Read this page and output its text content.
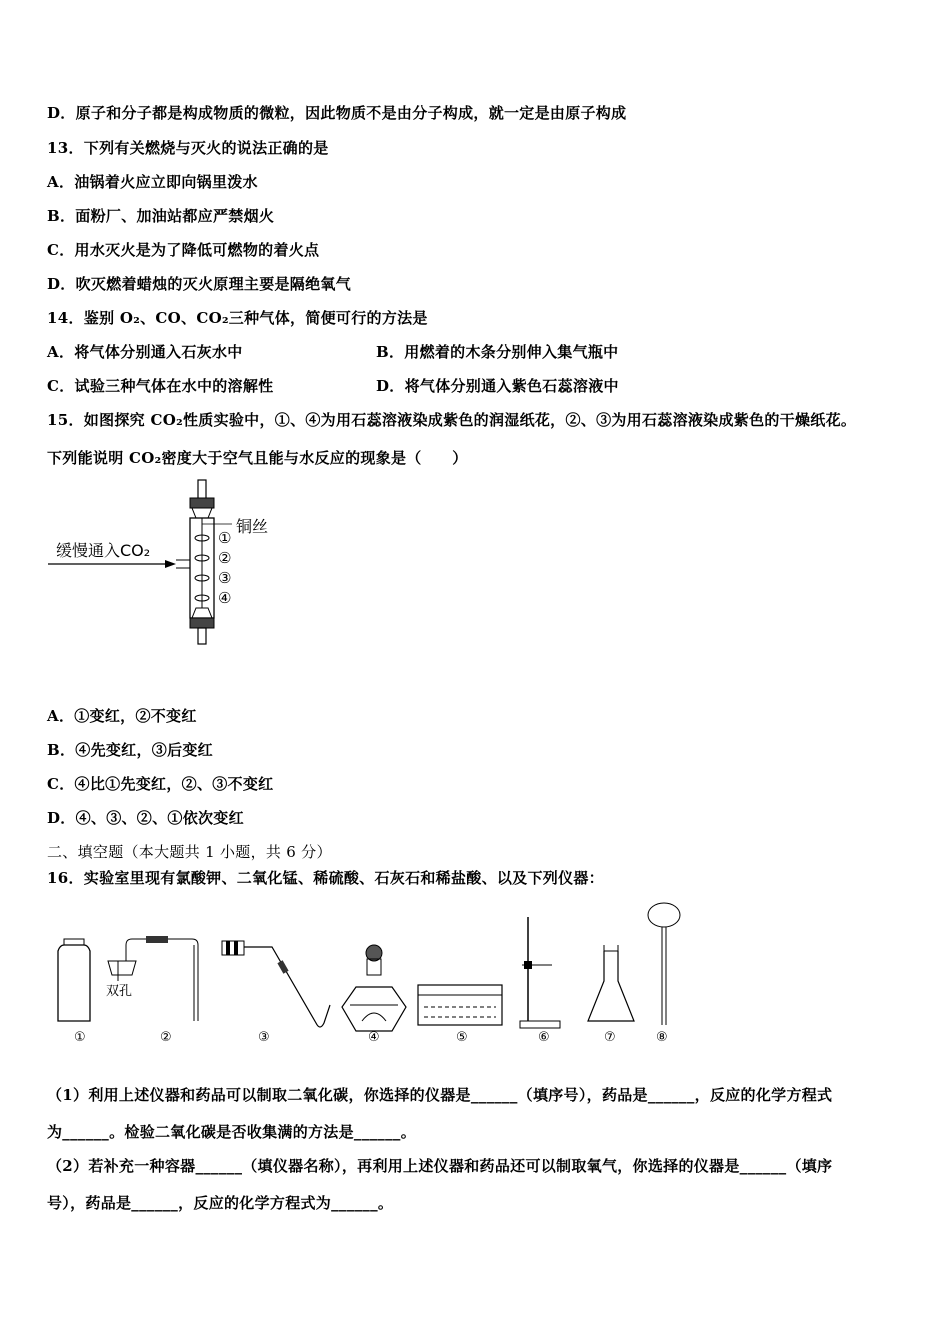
D．原子和分子都是构成物质的微粒，因此物质不是由分子构成，就一定是由原子构成
13．下列有关燃烧与灭火的说法正确的是
A．油锅着火应立即向锅里泼水
B．面粉厂、加油站都应严禁烟火
C．用水灭火是为了降低可燃物的着火点
D．吹灭燃着蜡烛的灭火原理主要是隔绝氧气
14．鉴别 O₂、CO、CO₂三种气体，简便可行的方法是
A．将气体分别通入石灰水中	B．用燃着的木条分别伸入集气瓶中
C．试验三种气体在水中的溶解性	D．将气体分别通入紫色石蕊溶液中
15．如图探究 CO₂性质实验中，①、④为用石蕊溶液染成紫色的润湿纸花，②、③为用石蕊溶液染成紫色的干燥纸花。
下列能说明 CO₂密度大于空气且能与水反应的现象是（　　）
缓慢通入CO₂
铜丝
①
②
③
④
A．①变红，②不变红
B．④先变红，③后变红
C．④比①先变红，②、③不变红
D．④、③、②、①依次变红
二、填空题（本大题共 1 小题，共 6 分）
16．实验室里现有氯酸钾、二氧化锰、稀硫酸、石灰石和稀盐酸、以及下列仪器：
双孔
①	②	③	④	⑤	⑥	⑦	⑧
（1）利用上述仪器和药品可以制取二氧化碳，你选择的仪器是______（填序号），药品是______，反应的化学方程式
为______。检验二氧化碳是否收集满的方法是______。
（2）若补充一种容器______（填仪器名称），再利用上述仪器和药品还可以制取氧气，你选择的仪器是______（填序
号），药品是______，反应的化学方程式为______。
